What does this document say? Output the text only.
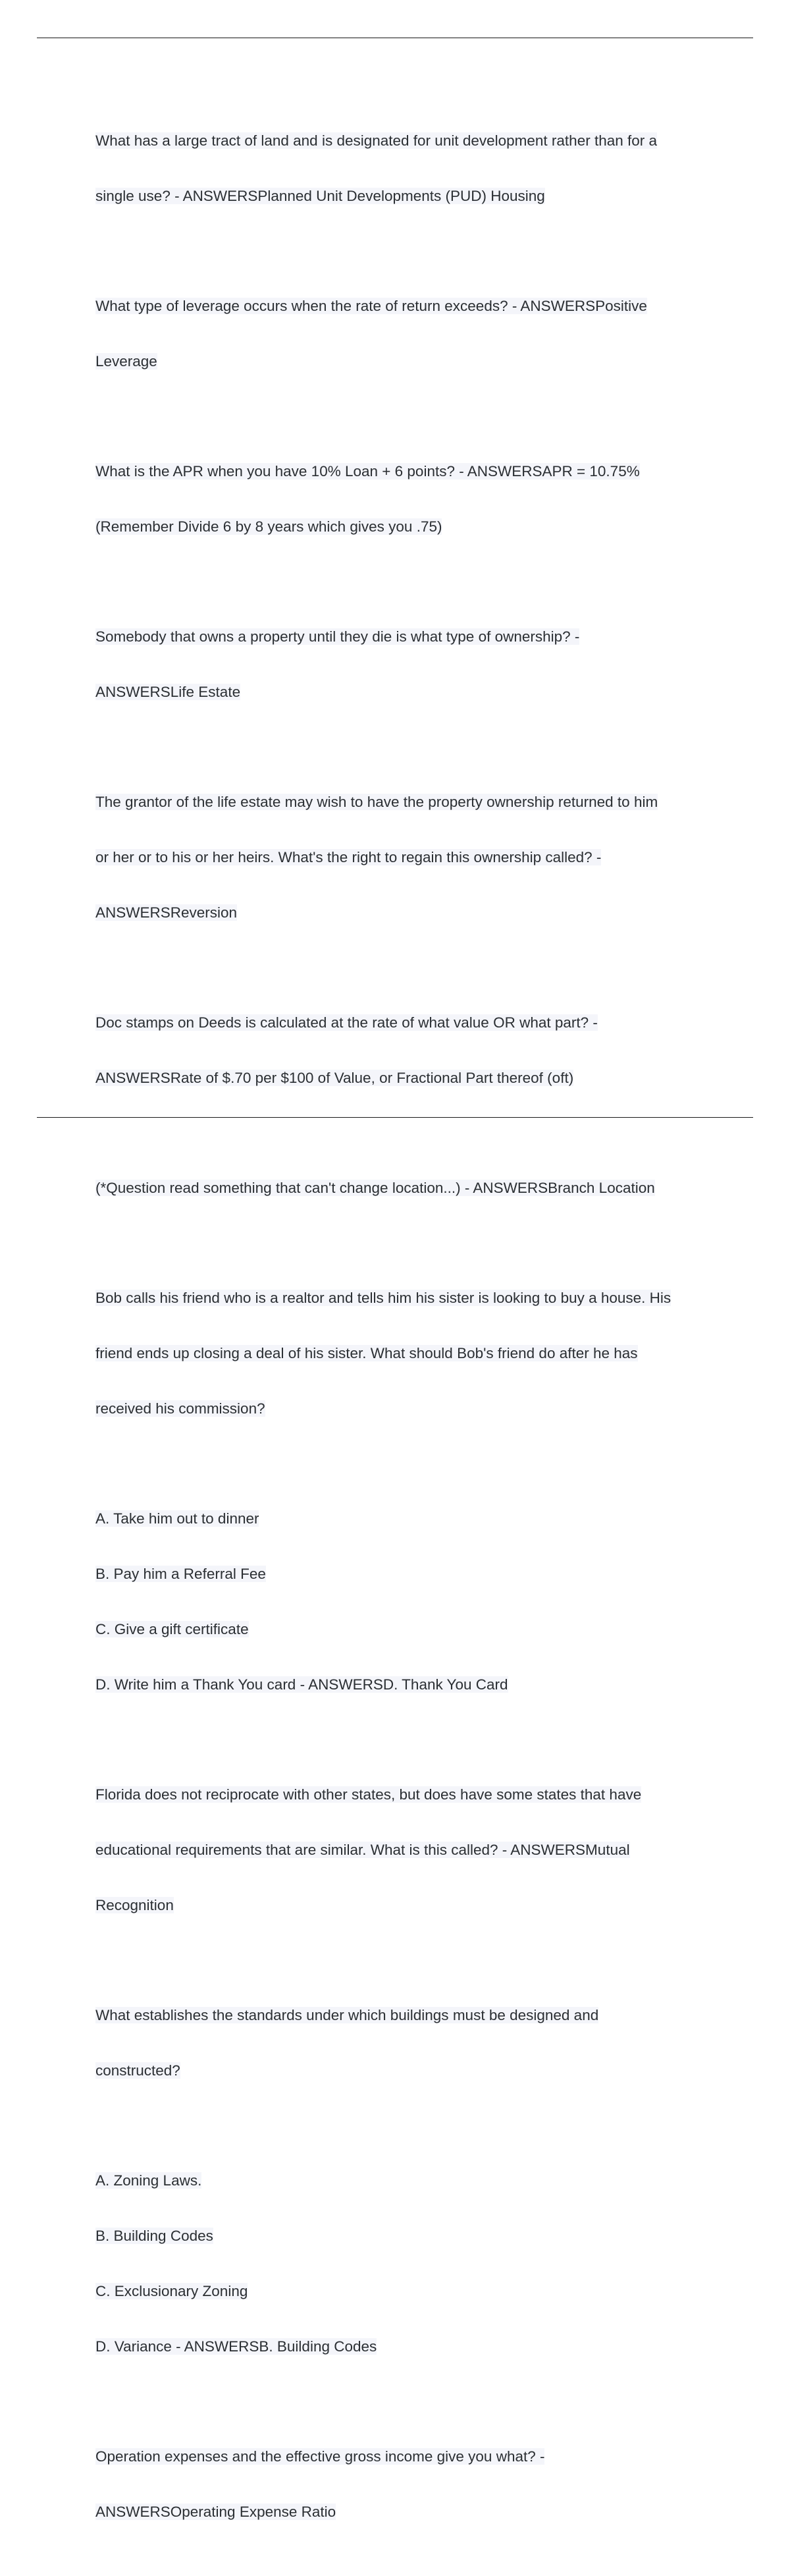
What has a large tract of land and is designated for unit development rather than for a

single use? - ANSWERSPlanned Unit Developments (PUD) Housing

What type of leverage occurs when the rate of return exceeds? - ANSWERSPositive

Leverage

What is the APR when you have 10% Loan + 6 points? - ANSWERSAPR = 10.75%

(Remember Divide 6 by 8 years which gives you .75)

Somebody that owns a property until they die is what type of ownership? -

ANSWERSLife Estate

The grantor of the life estate may wish to have the property ownership returned to him

or her or to his or her heirs. What's the right to regain this ownership called? -

ANSWERSReversion

Doc stamps on Deeds is calculated at the rate of what value OR what part? -

ANSWERSRate of $.70 per $100 of Value, or Fractional Part thereof (oft)

(*Question read something that can't change location...) - ANSWERSBranch Location

Bob calls his friend who is a realtor and tells him his sister is looking to buy a house. His

friend ends up closing a deal of his sister. What should Bob's friend do after he has

received his commission?

A. Take him out to dinner

B. Pay him a Referral Fee

C. Give a gift certificate

D. Write him a Thank You card - ANSWERSD. Thank You Card

Florida does not reciprocate with other states, but does have some states that have

educational requirements that are similar. What is this called? - ANSWERSMutual

Recognition

What establishes the standards under which buildings must be designed and

constructed?

A. Zoning Laws.

B. Building Codes

C. Exclusionary Zoning

D. Variance - ANSWERSB. Building Codes

Operation expenses and the effective gross income give you what? -

ANSWERSOperating Expense Ratio
